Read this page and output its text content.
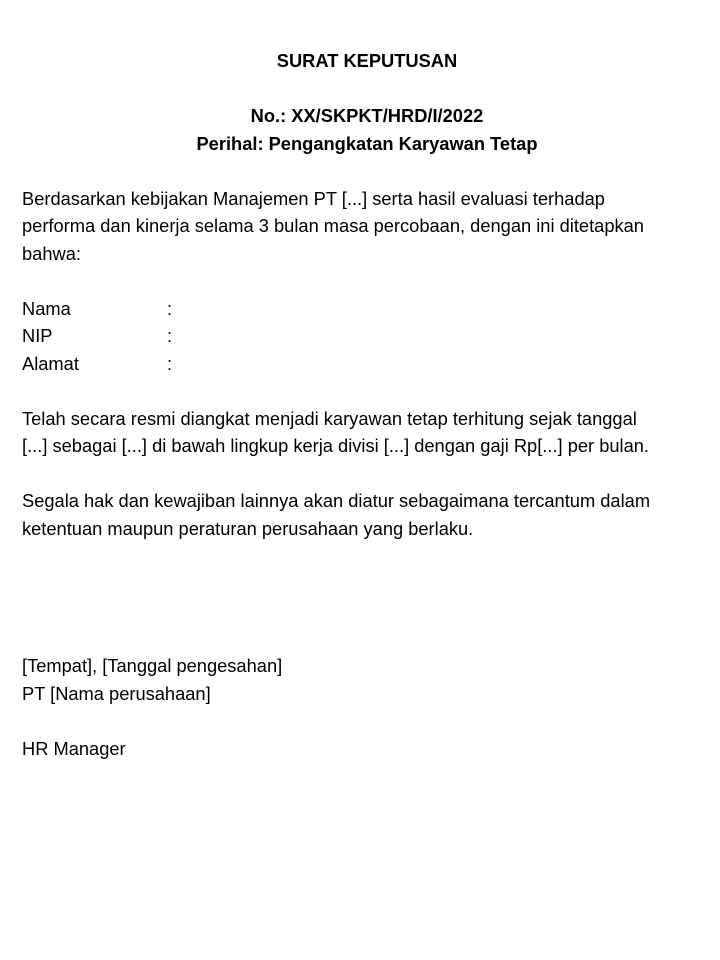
SURAT KEPUTUSAN
No.: XX/SKPKT/HRD/I/2022
Perihal: Pengangkatan Karyawan Tetap
Berdasarkan kebijakan Manajemen PT [...] serta hasil evaluasi terhadap
performa dan kinerja selama 3 bulan masa percobaan, dengan ini ditetapkan
bahwa:
Nama	:
NIP	:
Alamat	:
Telah secara resmi diangkat menjadi karyawan tetap terhitung sejak tanggal
[...] sebagai [...] di bawah lingkup kerja divisi [...] dengan gaji Rp[...] per bulan.
Segala hak dan kewajiban lainnya akan diatur sebagaimana tercantum dalam
ketentuan maupun peraturan perusahaan yang berlaku.
[Tempat], [Tanggal pengesahan]
PT [Nama perusahaan]
HR Manager
